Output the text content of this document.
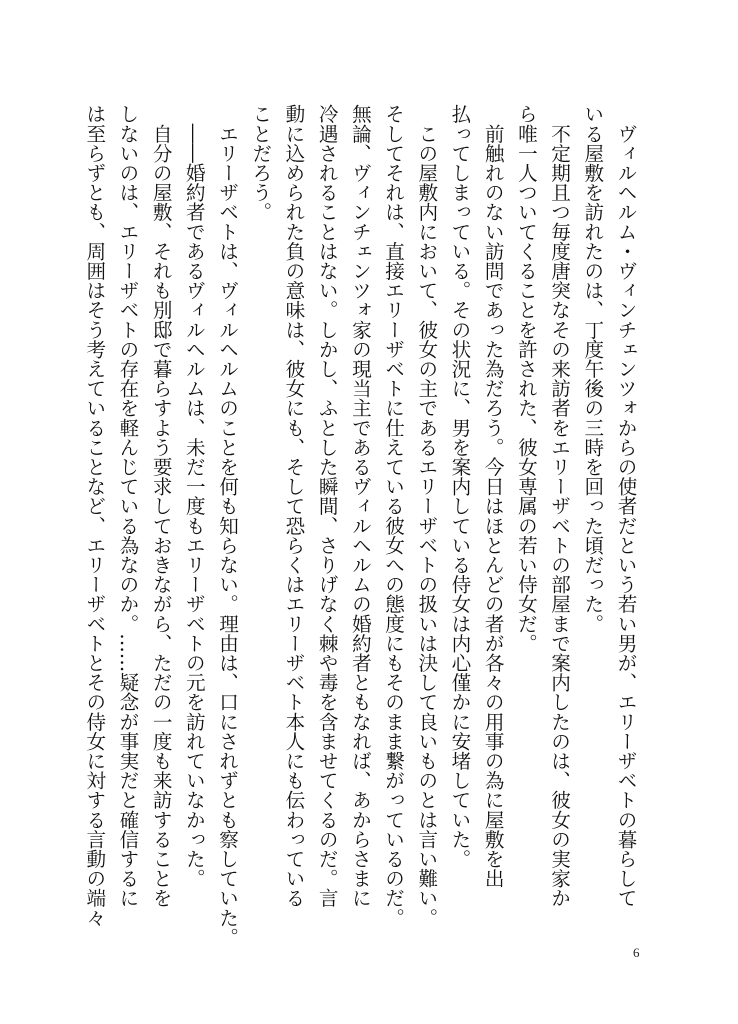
　ヴィルヘルム・ヴィンチェンツォからの使者だという若い男が、エリーザベトの暮らして

いる屋敷を訪れたのは、丁度午後の三時を回った頃だった。

　不定期且つ毎度唐突なその来訪者をエリーザベトの部屋まで案内したのは、彼女の実家か

ら唯一人ついてくることを許された、彼女専属の若い侍女だ。

　前触れのない訪問であった為だろう。今日はほとんどの者が各々の用事の為に屋敷を出

払ってしまっている。その状況に、男を案内している侍女は内心僅かに安堵していた。

　この屋敷内において、彼女の主であるエリーザベトの扱いは決して良いものとは言い難い。

そしてそれは、直接エリーザベトに仕えている彼女への態度にもそのまま繋がっているのだ。

無論、ヴィンチェンツォ家の現当主であるヴィルヘルムの婚約者ともなれば、あからさまに

冷遇されることはない。しかし、ふとした瞬間、さりげなく棘や毒を含ませてくるのだ。言

動に込められた負の意味は、彼女にも、そして恐らくはエリーザベト本人にも伝わっている

ことだろう。

　エリーザベトは、ヴィルヘルムのことを何も知らない。理由は、口にされずとも察していた。

　――婚約者であるヴィルヘルムは、未だ一度もエリーザベトの元を訪れていなかった。

　自分の屋敷、それも別邸で暮らすよう要求しておきながら、ただの一度も来訪することを

しないのは、エリーザベトの存在を軽んじている為なのか。……疑念が事実だと確信するに

は至らずとも、周囲はそう考えていることなど、エリーザベトとその侍女に対する言動の端々

6
